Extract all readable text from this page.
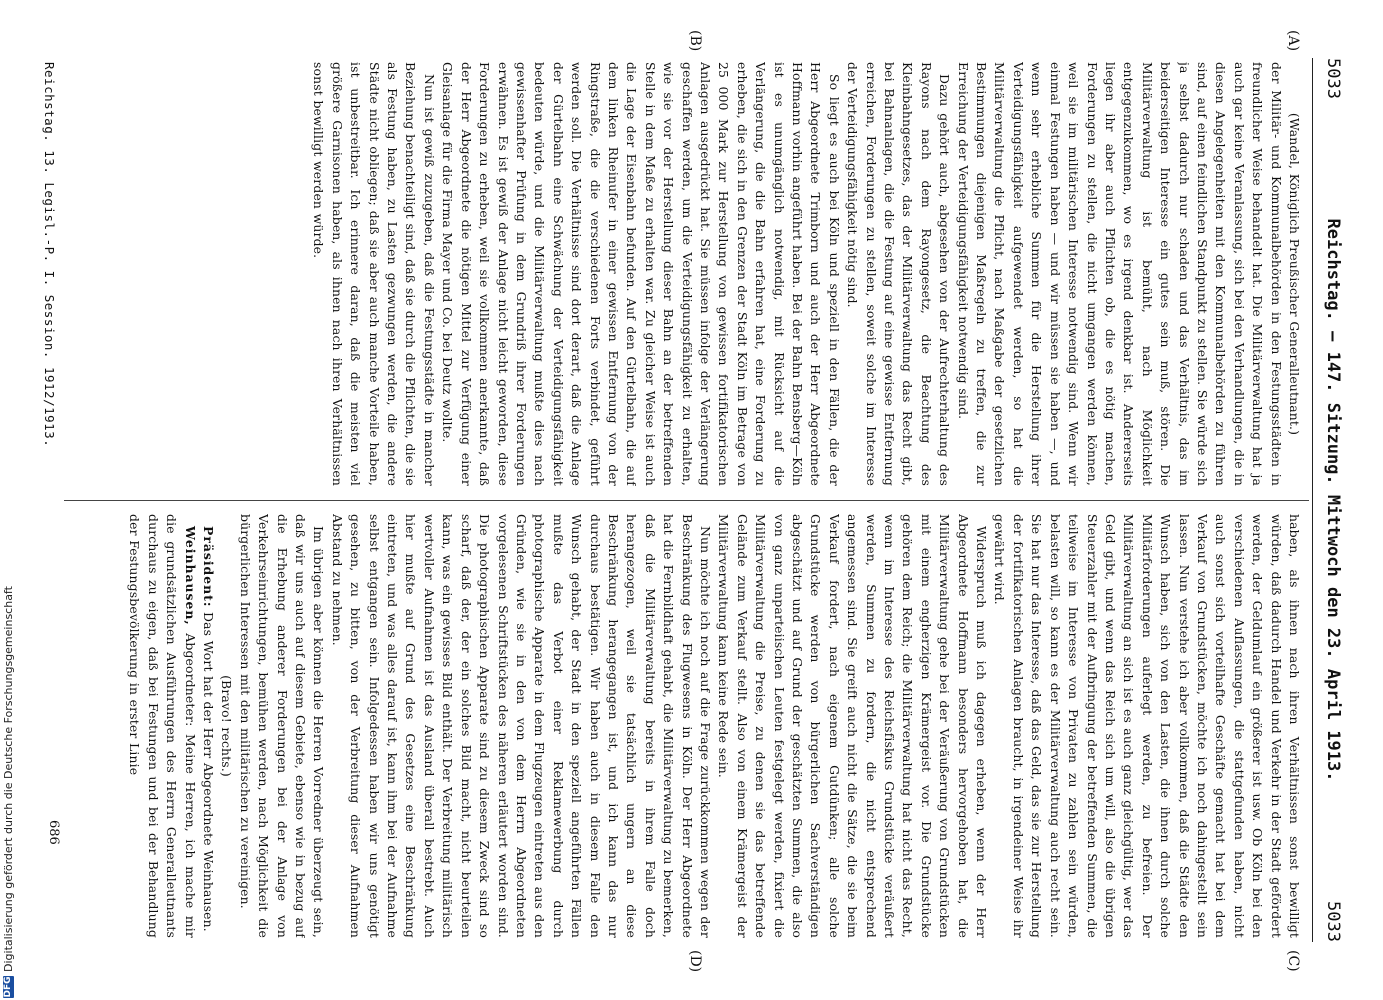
5033
Reichstag. — 147. Sitzung. Mittwoch den 23. April 1913.
5033
(A)
(B)
(C)
(D)

(Wandel, Königlich Preußischer Generalleutnant.)

der Militär- und Kommunalbehörden in den Festungsstädten in freundlicher Weise behandelt hat. Die Militärverwaltung hat ja auch gar keine Veranlassung, sich bei den Verhandlungen, die in diesen Angelegenheiten mit den Kommunalbehörden zu führen sind, auf einen feindlichen Standpunkt zu stellen. Sie würde sich ja selbst dadurch nur schaden und das Verhältnis, das im beiderseitigen Interesse ein gutes sein muß, stören. Die Militärverwaltung ist bemüht, nach Möglichkeit entgegenzukommen, wo es irgend denkbar ist. Andererseits liegen ihr aber auch Pflichten ob, die es nötig machen, Forderungen zu stellen, die nicht umgangen werden können, weil sie im militärischen Interesse notwendig sind. Wenn wir einmal Festungen haben — und wir müssen sie haben —, und wenn sehr erhebliche Summen für die Herstellung ihrer Verteidigungsfähigkeit aufgewendet werden, so hat die Militärverwaltung die Pflicht, nach Maßgabe der gesetzlichen Bestimmungen diejenigen Maßregeln zu treffen, die zur Erreichung der Verteidigungsfähigkeit notwendig sind.

Dazu gehört auch, abgesehen von der Aufrechterhaltung des Rayons nach dem Rayongesetz, die Beachtung des Kleinbahngesetzes, das der Militärverwaltung das Recht gibt, bei Bahnanlagen, die die Festung auf eine gewisse Entfernung erreichen, Forderungen zu stellen, soweit solche im Interesse der Verteidigungsfähigkeit nötig sind.

So liegt es auch bei Köln und speziell in den Fällen, die der Herr Abgeordnete Trimborn und auch der Herr Abgeordnete Hoffmann vorhin angeführt haben. Bei der Bahn Bensberg—Köln ist es unumgänglich notwendig, mit Rücksicht auf die Verlängerung, die die Bahn erfahren hat, eine Forderung zu erheben, die sich in den Grenzen der Stadt Köln im Betrage von 25 000 Mark zur Herstellung von gewissen fortifikatorischen Anlagen ausgedrückt hat. Sie müssen infolge der Verlängerung geschaffen werden, um die Verteidigungsfähigkeit zu erhalten, wie sie vor der Herstellung dieser Bahn an der betreffenden Stelle in dem Maße zu erhalten war. Zu gleicher Weise ist auch die Lage der Eisenbahn befunden. Auf den Gürtelbahn, die auf dem linken Rheinufer in einer gewissen Entfernung von der Ringstraße, die die verschiedenen Forts verbindet, geführt werden soll. Die Verhältnisse sind dort derart, daß die Anlage der Gürtelbahn eine Schwächung der Verteidigungsfähigkeit bedeuten würde, und die Militärverwaltung mußte dies nach gewissenhafter Prüfung in dem Grundriß ihrer Forderungen erwähnen. Es ist gewiß der Anlage nicht leicht geworden, diese Forderungen zu erheben, weil sie vollkommen anerkannte, daß der Herr Abgeordnete die nötigen Mittel zur Verfügung einer Gleisanlage für die Firma Mayer und Co. bei Deutz wollte.

Nun ist gewiß zuzugeben, daß die Festungsstädte in mancher Beziehung benachteiligt sind, daß sie durch die Pflichten, die sie als Festung haben, zu Lasten gezwungen werden, die andere Städte nicht obliegen; daß sie aber auch manche Vorteile haben, ist unbestreitbar. Ich erinnere daran, daß die meisten viel größere Garnisonen haben, als ihnen nach ihren Verhältnissen sonst bewilligt werden würde.

haben, als ihnen nach ihren Verhältnissen sonst bewilligt würden, daß dadurch Handel und Verkehr in der Stadt gefördert werden, der Geldumlauf ein größerer ist usw. Ob Köln bei den verschiedenen Auflassungen, die stattgefunden haben, nicht auch sonst sich vorteilhafte Geschäfte gemacht hat bei dem Verkauf von Grundstücken, möchte ich noch dahingestellt sein lassen. Nun verstehe ich aber vollkommen, daß die Städte den Wunsch haben, sich von den Lasten, die ihnen durch solche Militärforderungen auferlegt werden, zu befreien. Der Militärverwaltung an sich ist es auch ganz gleichgültig, wer das Geld gibt, und wenn das Reich sich um will, also die übrigen Steuerzahler mit der Aufbringung der betreffenden Summen, die teilweise im Interesse von Privaten zu zahlen sein würden, belasten will, so kann es der Militärverwaltung auch recht sein. Sie hat nur das Interesse, daß das Geld, das sie zur Herstellung der fortifikatorischen Anlagen braucht, in irgendeiner Weise ihr gewährt wird.

Widerspruch muß ich dagegen erheben, wenn der Herr Abgeordnete Hoffmann besonders hervorgehoben hat, die Militärverwaltung gehe bei der Veräußerung von Grundstücken mit einem engherzigen Krämergeist vor. Die Grundstücke gehören dem Reich; die Militärverwaltung hat nicht das Recht, wenn im Interesse des Reichsfiskus Grundstücke veräußert werden, Summen zu fordern, die nicht entsprechend angemessen sind. Sie greift auch nicht die Sätze, die sie beim Verkauf fordert, nach eigenem Gutdünken; alle solche Grundstücke werden von bürgerlichen Sachverständigen abgeschätzt und auf Grund der geschätzten Summen, die also von ganz unparteiischen Leuten festgelegt werden, fixiert die Militärverwaltung die Preise, zu denen sie das betreffende Gelände zum Verkauf stellt. Also von einem Krämergeist der Militärverwaltung kann keine Rede sein.

Nun möchte ich noch auf die Frage zurückkommen wegen der Beschränkung des Flugwesens in Köln. Der Herr Abgeordnete hat die Fernbildhaft gehabt, die Militärverwaltung zu bemerken, daß die Militärverwaltung bereits in ihrem Falle doch herangezogen, weil sie tatsächlich ungern an diese Beschränkung herangegangen ist, und ich kann das nur durchaus bestätigen. Wir haben auch in diesem Falle den Wunsch gehabt, der Stadt in den speziell angeführten Fällen mußte das Verbot einer Reklamewerbung durch photographische Apparate in dem Flugzeugen eintreten aus den Gründen, wie sie in den von dem Herrn Abgeordneten vorgelesenen Schriftstücken des näheren erläutert worden sind. Die photographischen Apparate sind zu diesem Zweck sind so scharf, daß der, der ein solches Bild macht, nicht beurteilen kann, was ein gewisses Bild enthält. Der Verbreitung militärisch wertvoller Aufnahmen ist das Ausland überall bestrebt. Auch hier mußte auf Grund des Gesetzes eine Beschränkung eintreten, und was alles darauf ist, kann ihm bei der Aufnahme selbst entgangen sein. Infolgedessen haben wir uns genötigt gesehen, zu bitten, von der Verbreitung dieser Aufnahmen Abstand zu nehmen.

Im übrigen aber können die Herren Vorredner überzeugt sein, daß wir uns auch auf diesem Gebiete, ebenso wie in bezug auf die Erhebung anderer Forderungen bei der Anlage von Verkehrseinrichtungen, bemühen werden, nach Möglichkeit die bürgerlichen Interessen mit den militärischen zu vereinigen.

(Bravo! rechts.)

Präsident: Das Wort hat der Herr Abgeordnete Weinhausen.

Weinhausen, Abgeordneter: Meine Herren, ich mache mir die grundsätzlichen Ausführungen des Herrn Generalleutnants durchaus zu eigen, daß bei Festungen und bei der Behandlung der Festungsbevölkerung in erster Linie

Reichstag. 13. Legisl.-P. I. Session. 1912/1913.
686
DFG
Digitalisierung gefördert durch die Deutsche Forschungsgemeinschaft
